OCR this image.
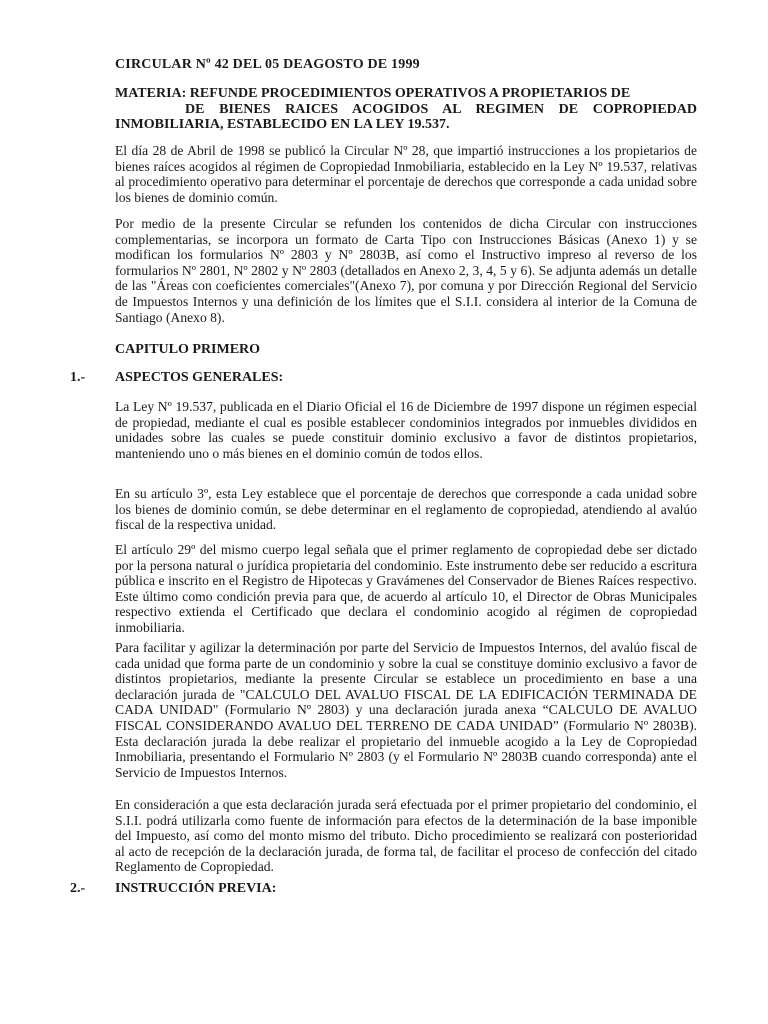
CIRCULAR Nº 42 DEL 05 DEAGOSTO DE 1999
MATERIA: REFUNDE PROCEDIMIENTOS OPERATIVOS A PROPIETARIOS DE
DE BIENES RAICES ACOGIDOS AL REGIMEN DE COPROPIEDAD
INMOBILIARIA, ESTABLECIDO EN LA LEY 19.537.

El día 28 de Abril de 1998 se publicó la Circular Nº 28, que impartió instrucciones a los propietarios de bienes raíces acogidos al régimen de Copropiedad Inmobiliaria, establecido en la Ley Nº 19.537, relativas al procedimiento operativo para determinar el porcentaje de derechos que corresponde a cada unidad sobre los bienes de dominio común.

Por medio de la presente Circular se refunden los contenidos de dicha Circular con instrucciones complementarias, se incorpora un formato de Carta Tipo con Instrucciones Básicas (Anexo 1) y se modifican los formularios Nº 2803 y Nº 2803B, así como el Instructivo impreso al reverso de los formularios Nº 2801, Nº 2802 y Nº 2803 (detallados en Anexo 2, 3, 4, 5 y 6). Se adjunta además un detalle de las "Áreas con coeficientes comerciales"(Anexo 7), por comuna y por Dirección Regional del Servicio de Impuestos Internos y una definición de los límites que el S.I.I. considera al interior de la Comuna de Santiago (Anexo 8).

CAPITULO PRIMERO
1.- ASPECTOS GENERALES:

La Ley Nº 19.537, publicada en el Diario Oficial el 16 de Diciembre de 1997 dispone un régimen especial de propiedad, mediante el cual es posible establecer condominios integrados por inmuebles divididos en unidades sobre las cuales se puede constituir dominio exclusivo a favor de distintos propietarios, manteniendo uno o más bienes en el dominio común de todos ellos.

En su artículo 3º, esta Ley establece que el porcentaje de derechos que corresponde a cada unidad sobre los bienes de dominio común, se debe determinar en el reglamento de copropiedad, atendiendo al avalúo fiscal de la respectiva unidad.

El artículo 29º del mismo cuerpo legal señala que el primer reglamento de copropiedad debe ser dictado por la persona natural o jurídica propietaria del condominio. Este instrumento debe ser reducido a escritura pública e inscrito en el Registro de Hipotecas y Gravámenes del Conservador de Bienes Raíces respectivo. Este último como condición previa para que, de acuerdo al artículo 10, el Director de Obras Municipales respectivo extienda el Certificado que declara el condominio acogido al régimen de copropiedad inmobiliaria.

Para facilitar y agilizar la determinación por parte del Servicio de Impuestos Internos, del avalúo fiscal de cada unidad que forma parte de un condominio y sobre la cual se constituye dominio exclusivo a favor de distintos propietarios, mediante la presente Circular se establece un procedimiento en base a una declaración jurada de "CALCULO DEL AVALUO FISCAL DE LA EDIFICACIÓN TERMINADA DE CADA UNIDAD" (Formulario Nº 2803) y una declaración jurada anexa “CALCULO DE AVALUO FISCAL CONSIDERANDO AVALUO DEL TERRENO DE CADA UNIDAD” (Formulario Nº 2803B). Esta declaración jurada la debe realizar el propietario del inmueble acogido a la Ley de Copropiedad Inmobiliaria, presentando el Formulario Nº 2803 (y el Formulario Nº 2803B cuando corresponda) ante el Servicio de Impuestos Internos.

En consideración a que esta declaración jurada será efectuada por el primer propietario del condominio, el S.I.I. podrá utilizarla como fuente de información para efectos de la determinación de la base imponible del Impuesto, así como del monto mismo del tributo. Dicho procedimiento se realizará con posterioridad al acto de recepción de la declaración jurada, de forma tal, de facilitar el proceso de confección del citado Reglamento de Copropiedad.

2.- INSTRUCCIÓN PREVIA:
